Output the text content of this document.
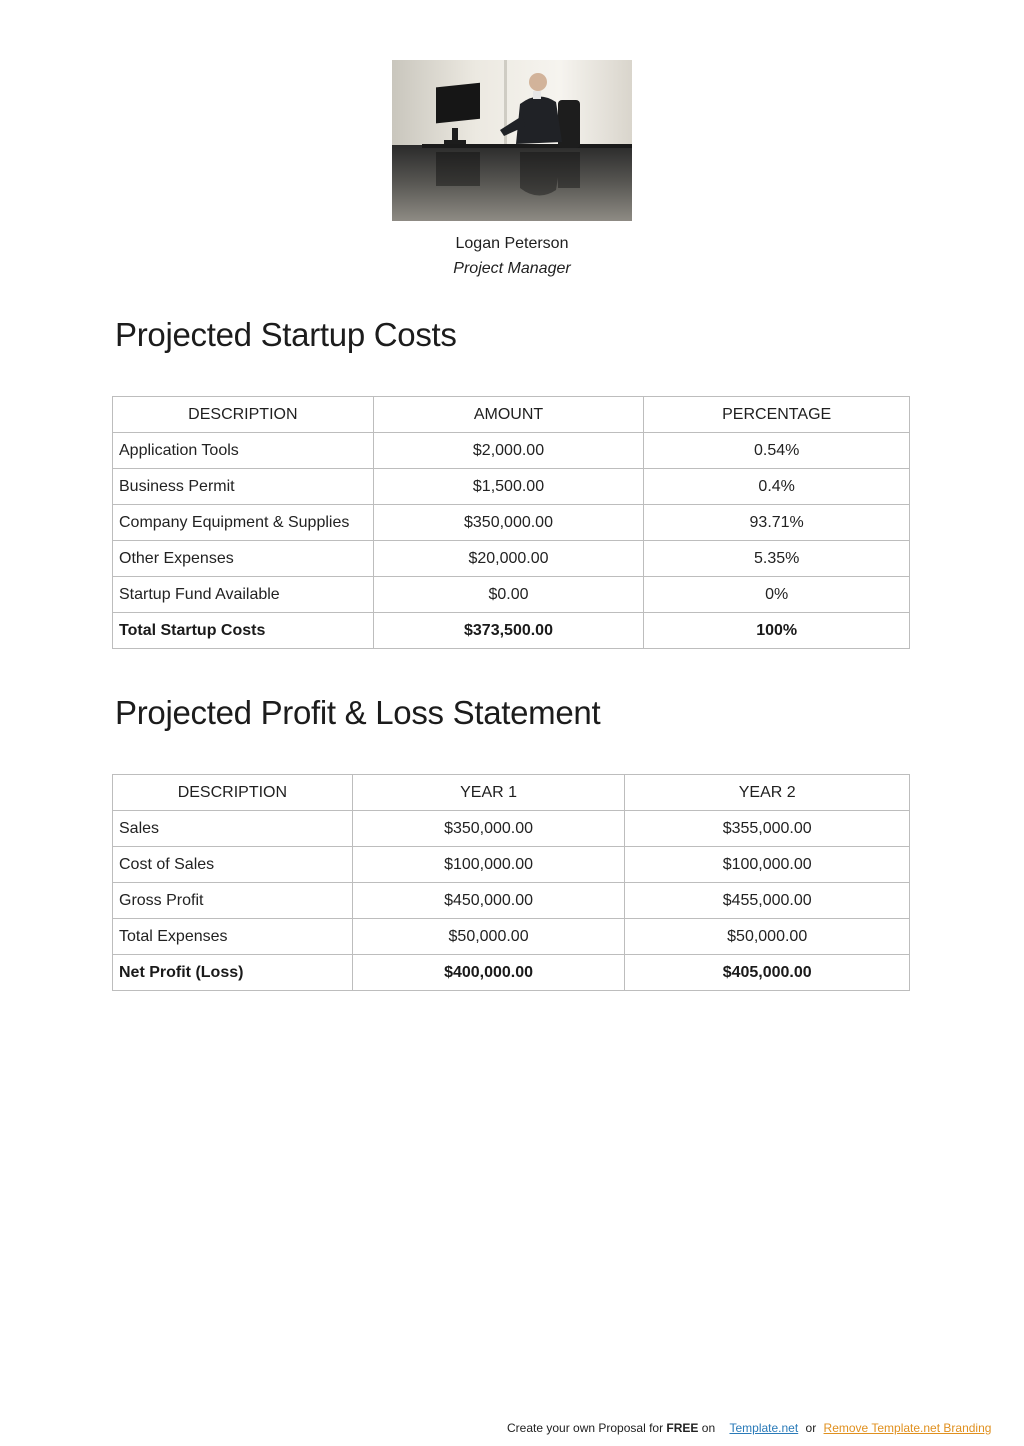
Logan Peterson
Project Manager
Projected Startup Costs
DESCRIPTION	AMOUNT	PERCENTAGE
Application Tools	$2,000.00	0.54%
Business Permit	$1,500.00	0.4%
Company Equipment & Supplies	$350,000.00	93.71%
Other Expenses	$20,000.00	5.35%
Startup Fund Available	$0.00	0%
Total Startup Costs	$373,500.00	100%
Projected Profit & Loss Statement
DESCRIPTION	YEAR 1	YEAR 2
Sales	$350,000.00	$355,000.00
Cost of Sales	$100,000.00	$100,000.00
Gross Profit	$450,000.00	$455,000.00
Total Expenses	$50,000.00	$50,000.00
Net Profit (Loss)	$400,000.00	$405,000.00
Create your own Proposal for FREE on Template.net or Remove Template.net Branding
